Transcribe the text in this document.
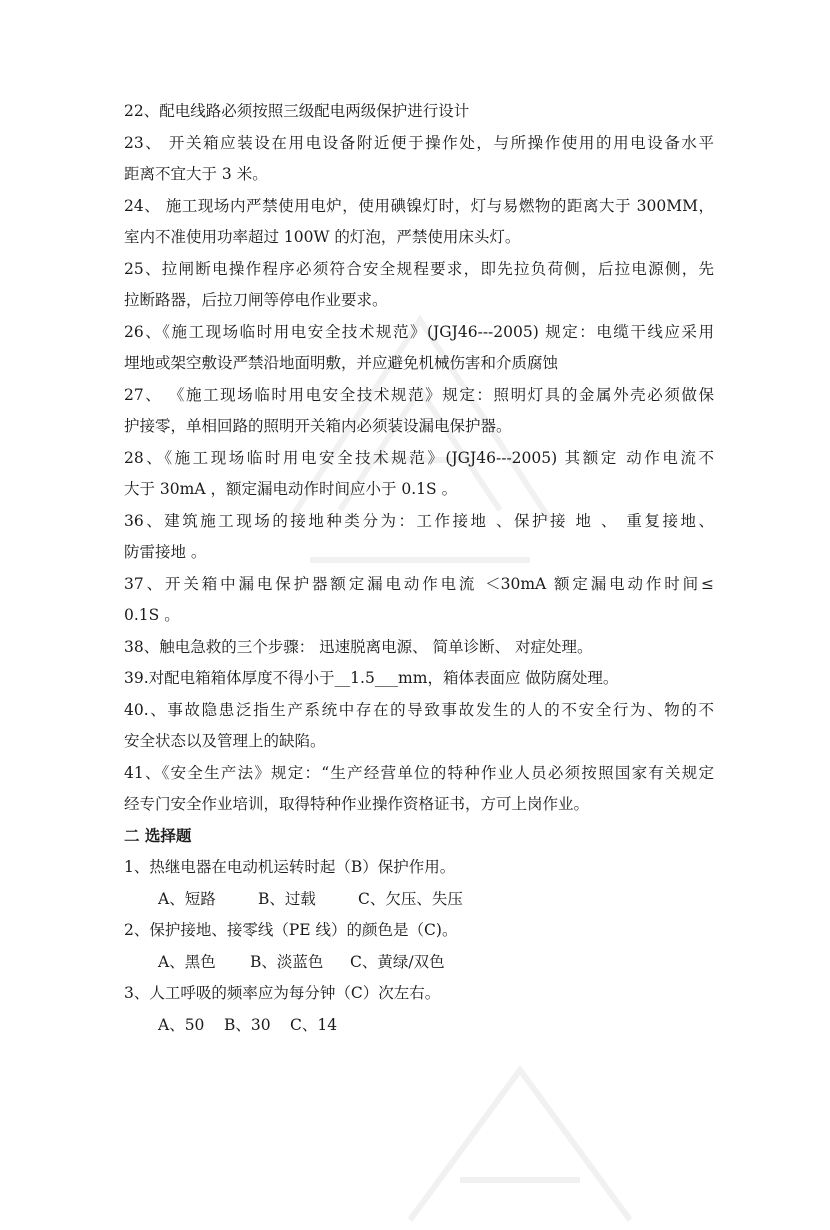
22、配电线路必须按照三级配电两级保护进行设计
23、 开关箱应装设在用电设备附近便于操作处，与所操作使用的用电设备水平
距离不宜大于 3 米。
24、 施工现场内严禁使用电炉，使用碘镍灯时，灯与易燃物的距离大于 300MM，
室内不准使用功率超过 100W 的灯泡，严禁使用床头灯。
25、拉闸断电操作程序必须符合安全规程要求，即先拉负荷侧，后拉电源侧，先
拉断路器，后拉刀闸等停电作业要求。
26、《施工现场临时用电安全技术规范》(JGJ46---2005) 规定：电缆干线应采用
埋地或架空敷设严禁沿地面明敷，并应避免机械伤害和介质腐蚀
27、 《施工现场临时用电安全技术规范》规定：照明灯具的金属外壳必须做保
护接零，单相回路的照明开关箱内必须装设漏电保护器。
28、《施工现场临时用电安全技术规范》(JGJ46---2005) 其额定 动作电流不
大于 30mA ，额定漏电动作时间应小于 0.1S 。
36、建筑施工现场的接地种类分为：工作接地 、保护接 地 、 重复接地、
防雷接地 。
37、开关箱中漏电保护器额定漏电动作电流 ＜30mA 额定漏电动作时间≤
0.1S 。
38、触电急救的三个步骤： 迅速脱离电源、 简单诊断、 对症处理。
39.对配电箱箱体厚度不得小于__1.5___mm，箱体表面应 做防腐处理。
40.、事故隐患泛指生产系统中存在的导致事故发生的人的不安全行为、物的不
安全状态以及管理上的缺陷。
41、《安全生产法》规定：“生产经营单位的特种作业人员必须按照国家有关规定
经专门安全作业培训，取得特种作业操作资格证书，方可上岗作业。
二 选择题
1、热继电器在电动机运转时起（B）保护作用。
A、短路	B、过载	C、欠压、失压
2、保护接地、接零线（PE 线）的颜色是（C)。
A、黑色 B、淡蓝色 C、黄绿/双色
3、人工呼吸的频率应为每分钟（C）次左右。
A、50 B、30 C、14
